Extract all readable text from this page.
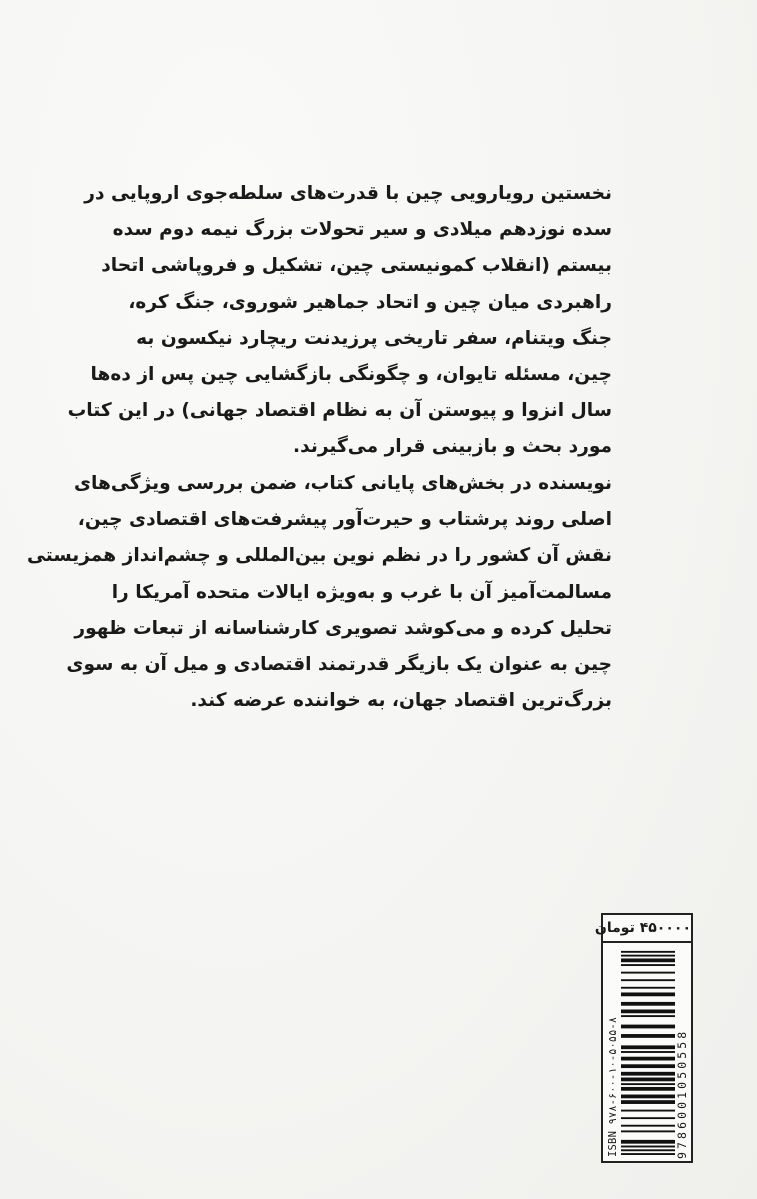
نخستین رویارویی چین با قدرت‌های سلطه‌جوی اروپایی در
سده نوزدهم میلادی و سیر تحولات بزرگ نیمه دوم سده
بیستم (انقلاب کمونیستی چین، تشکیل و فروپاشی اتحاد
راهبردی میان چین و اتحاد جماهیر شوروی، جنگ کره،
جنگ ویتنام، سفر تاریخی پرزیدنت ریچارد نیکسون به
چین، مسئله تایوان، و چگونگی بازگشایی چین پس از ده‌ها
سال انزوا و پیوستن آن به نظام اقتصاد جهانی) در این کتاب
مورد بحث و بازبینی قرار می‌گیرند.
نویسنده در بخش‌های پایانی کتاب، ضمن بررسی ویژگی‌های
اصلی روند پرشتاب و حیرت‌آور پیشرفت‌های اقتصادی چین،
نقش آن کشور را در نظم نوین بین‌المللی و چشم‌انداز همزیستی
مسالمت‌آمیز آن با غرب و به‌ویژه ایالات متحده آمریکا را
تحلیل کرده و می‌کوشد تصویری کارشناسانه از تبعات ظهور
چین به عنوان یک بازیگر قدرتمند اقتصادی و میل آن به سوی
بزرگ‌ترین اقتصاد جهان، به خواننده عرضه کند.
۴۵۰۰۰۰ تومان
ISBN ۹۷۸-۶۰۰-۱۰-۵۰۵۵-۸	9786001050558
